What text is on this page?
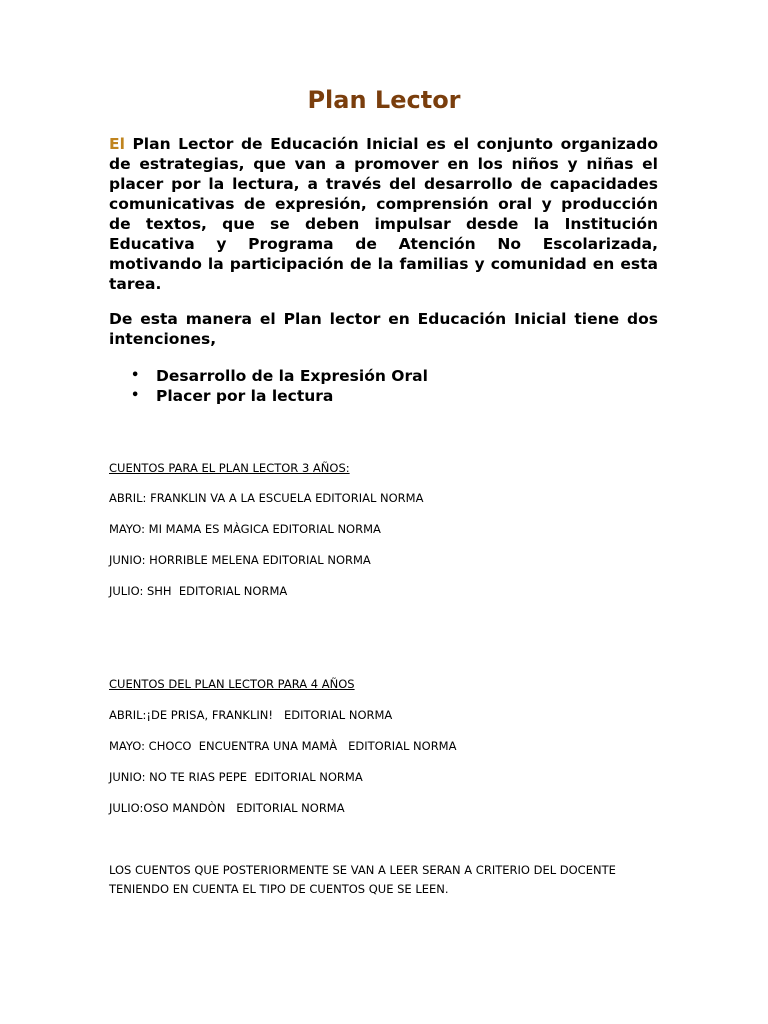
Plan Lector
El Plan Lector de Educación Inicial es el conjunto organizado de estrategias, que van a promover en los niños y niñas el placer por la lectura, a través del desarrollo de capacidades comunicativas de expresión, comprensión oral y producción de textos, que se deben impulsar desde la Institución Educativa y Programa de Atención No Escolarizada, motivando la participación de la familias y comunidad en esta tarea.
De esta manera el Plan lector en Educación Inicial tiene dos intenciones,
• Desarrollo de la Expresión Oral
• Placer por la lectura
CUENTOS PARA EL PLAN LECTOR 3 AÑOS:
ABRIL: FRANKLIN VA A LA ESCUELA EDITORIAL NORMA
MAYO: MI MAMA ES MÀGICA EDITORIAL NORMA
JUNIO: HORRIBLE MELENA EDITORIAL NORMA
JULIO: SHH  EDITORIAL NORMA
CUENTOS DEL PLAN LECTOR PARA 4 AÑOS
ABRIL:¡DE PRISA, FRANKLIN!   EDITORIAL NORMA
MAYO: CHOCO  ENCUENTRA UNA MAMÀ   EDITORIAL NORMA
JUNIO: NO TE RIAS PEPE  EDITORIAL NORMA
JULIO:OSO MANDÒN   EDITORIAL NORMA
LOS CUENTOS QUE POSTERIORMENTE SE VAN A LEER SERAN A CRITERIO DEL DOCENTE TENIENDO EN CUENTA EL TIPO DE CUENTOS QUE SE LEEN.
